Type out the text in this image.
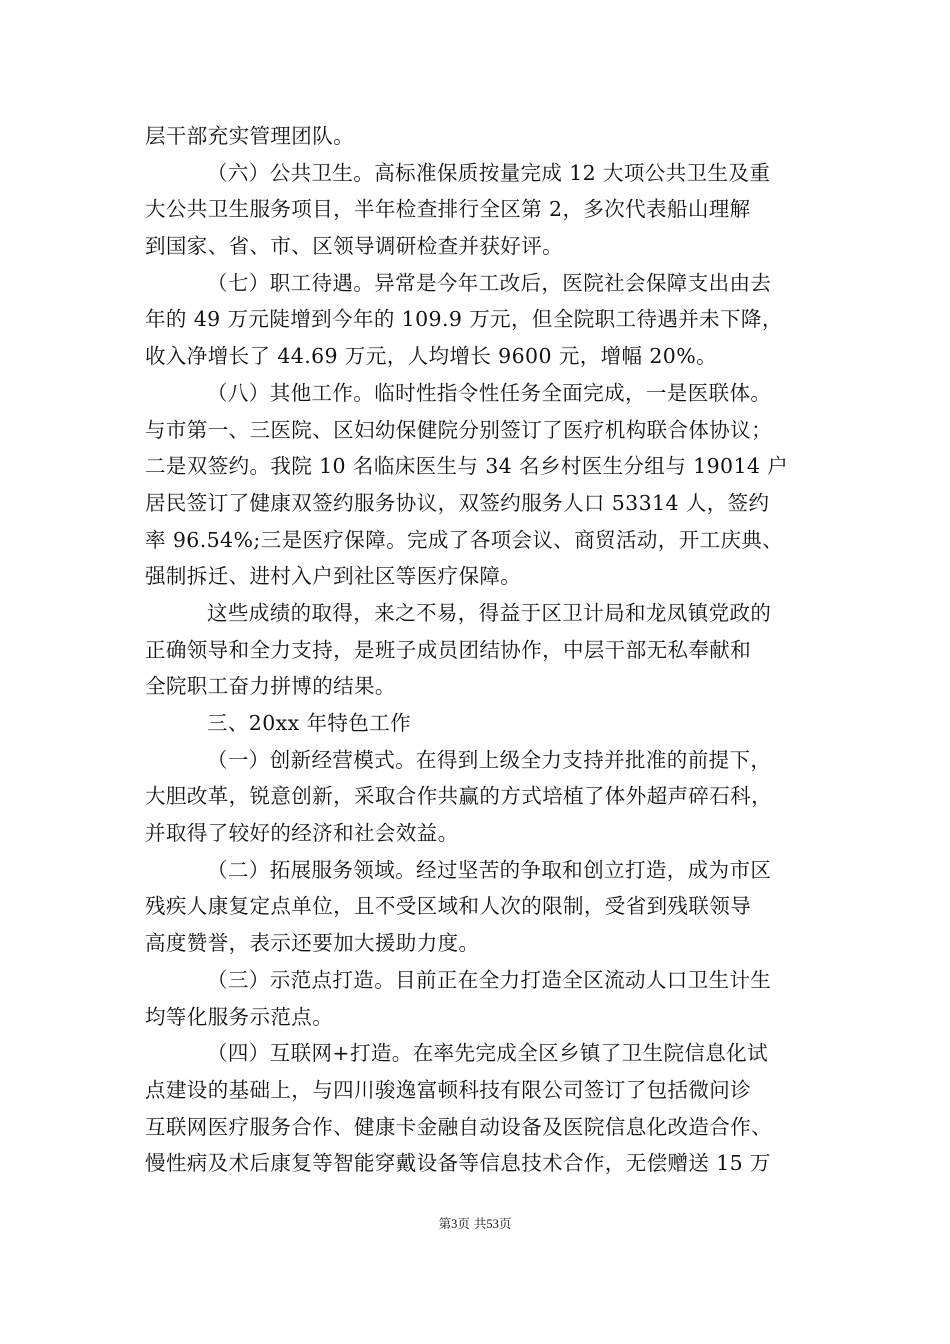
层干部充实管理团队。
（六）公共卫生。高标准保质按量完成 12 大项公共卫生及重
大公共卫生服务项目，半年检查排行全区第 2，多次代表船山理解
到国家、省、市、区领导调研检查并获好评。
（七）职工待遇。异常是今年工改后，医院社会保障支出由去
年的 49 万元陡增到今年的 109.9 万元，但全院职工待遇并未下降，
收入净增长了 44.69 万元，人均增长 9600 元，增幅 20%。
（八）其他工作。临时性指令性任务全面完成，一是医联体。
与市第一、三医院、区妇幼保健院分别签订了医疗机构联合体协议；
二是双签约。我院 10 名临床医生与 34 名乡村医生分组与 19014 户
居民签订了健康双签约服务协议，双签约服务人口 53314 人，签约
率 96.54%;三是医疗保障。完成了各项会议、商贸活动，开工庆典、
强制拆迁、进村入户到社区等医疗保障。
这些成绩的取得，来之不易，得益于区卫计局和龙凤镇党政的
正确领导和全力支持，是班子成员团结协作，中层干部无私奉献和
全院职工奋力拼博的结果。
三、20xx 年特色工作
（一）创新经营模式。在得到上级全力支持并批准的前提下，
大胆改革，锐意创新，采取合作共赢的方式培植了体外超声碎石科，
并取得了较好的经济和社会效益。
（二）拓展服务领域。经过坚苦的争取和创立打造，成为市区
残疾人康复定点单位，且不受区域和人次的限制，受省到残联领导
高度赞誉，表示还要加大援助力度。
（三）示范点打造。目前正在全力打造全区流动人口卫生计生
均等化服务示范点。
（四）互联网+打造。在率先完成全区乡镇了卫生院信息化试
点建设的基础上，与四川骏逸富顿科技有限公司签订了包括微问诊
互联网医疗服务合作、健康卡金融自动设备及医院信息化改造合作、
慢性病及术后康复等智能穿戴设备等信息技术合作，无偿赠送 15 万
第3页 共53页
